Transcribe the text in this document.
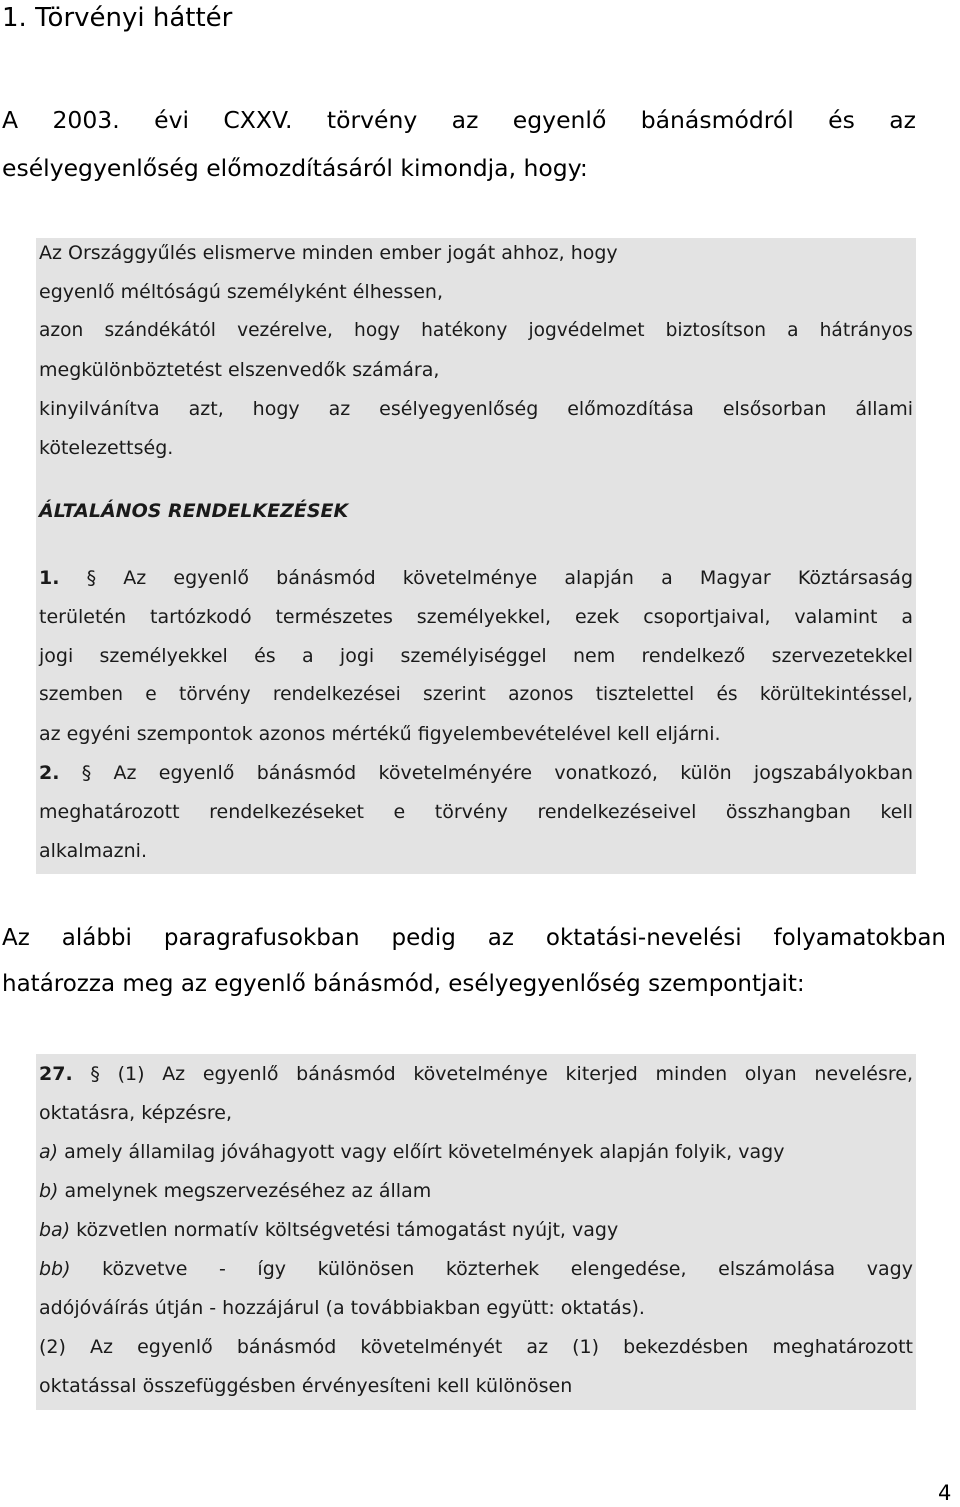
1. Törvényi háttér
A 2003. évi CXXV. törvény az egyenlő bánásmódról és az
esélyegyenlőség előmozdításáról kimondja, hogy:
Az Országgyűlés elismerve minden ember jogát ahhoz, hogy
egyenlő méltóságú személyként élhessen,
azon szándékától vezérelve, hogy hatékony jogvédelmet biztosítson a hátrányos
megkülönböztetést elszenvedők számára,
kinyilvánítva azt, hogy az esélyegyenlőség előmozdítása elsősorban állami
kötelezettség.
ÁLTALÁNOS RENDELKEZÉSEK
1. § Az egyenlő bánásmód követelménye alapján a Magyar Köztársaság
területén tartózkodó természetes személyekkel, ezek csoportjaival, valamint a
jogi személyekkel és a jogi személyiséggel nem rendelkező szervezetekkel
szemben e törvény rendelkezései szerint azonos tisztelettel és körültekintéssel,
az egyéni szempontok azonos mértékű figyelembevételével kell eljárni.
2. § Az egyenlő bánásmód követelményére vonatkozó, külön jogszabályokban
meghatározott rendelkezéseket e törvény rendelkezéseivel összhangban kell
alkalmazni.
Az alábbi paragrafusokban pedig az oktatási-nevelési folyamatokban
határozza meg az egyenlő bánásmód, esélyegyenlőség szempontjait:
27. § (1) Az egyenlő bánásmód követelménye kiterjed minden olyan nevelésre,
oktatásra, képzésre,
a) amely államilag jóváhagyott vagy előírt követelmények alapján folyik, vagy
b) amelynek megszervezéséhez az állam
ba) közvetlen normatív költségvetési támogatást nyújt, vagy
bb) közvetve - így különösen közterhek elengedése, elszámolása vagy
adójóváírás útján - hozzájárul (a továbbiakban együtt: oktatás).
(2) Az egyenlő bánásmód követelményét az (1) bekezdésben meghatározott
oktatással összefüggésben érvényesíteni kell különösen
4
